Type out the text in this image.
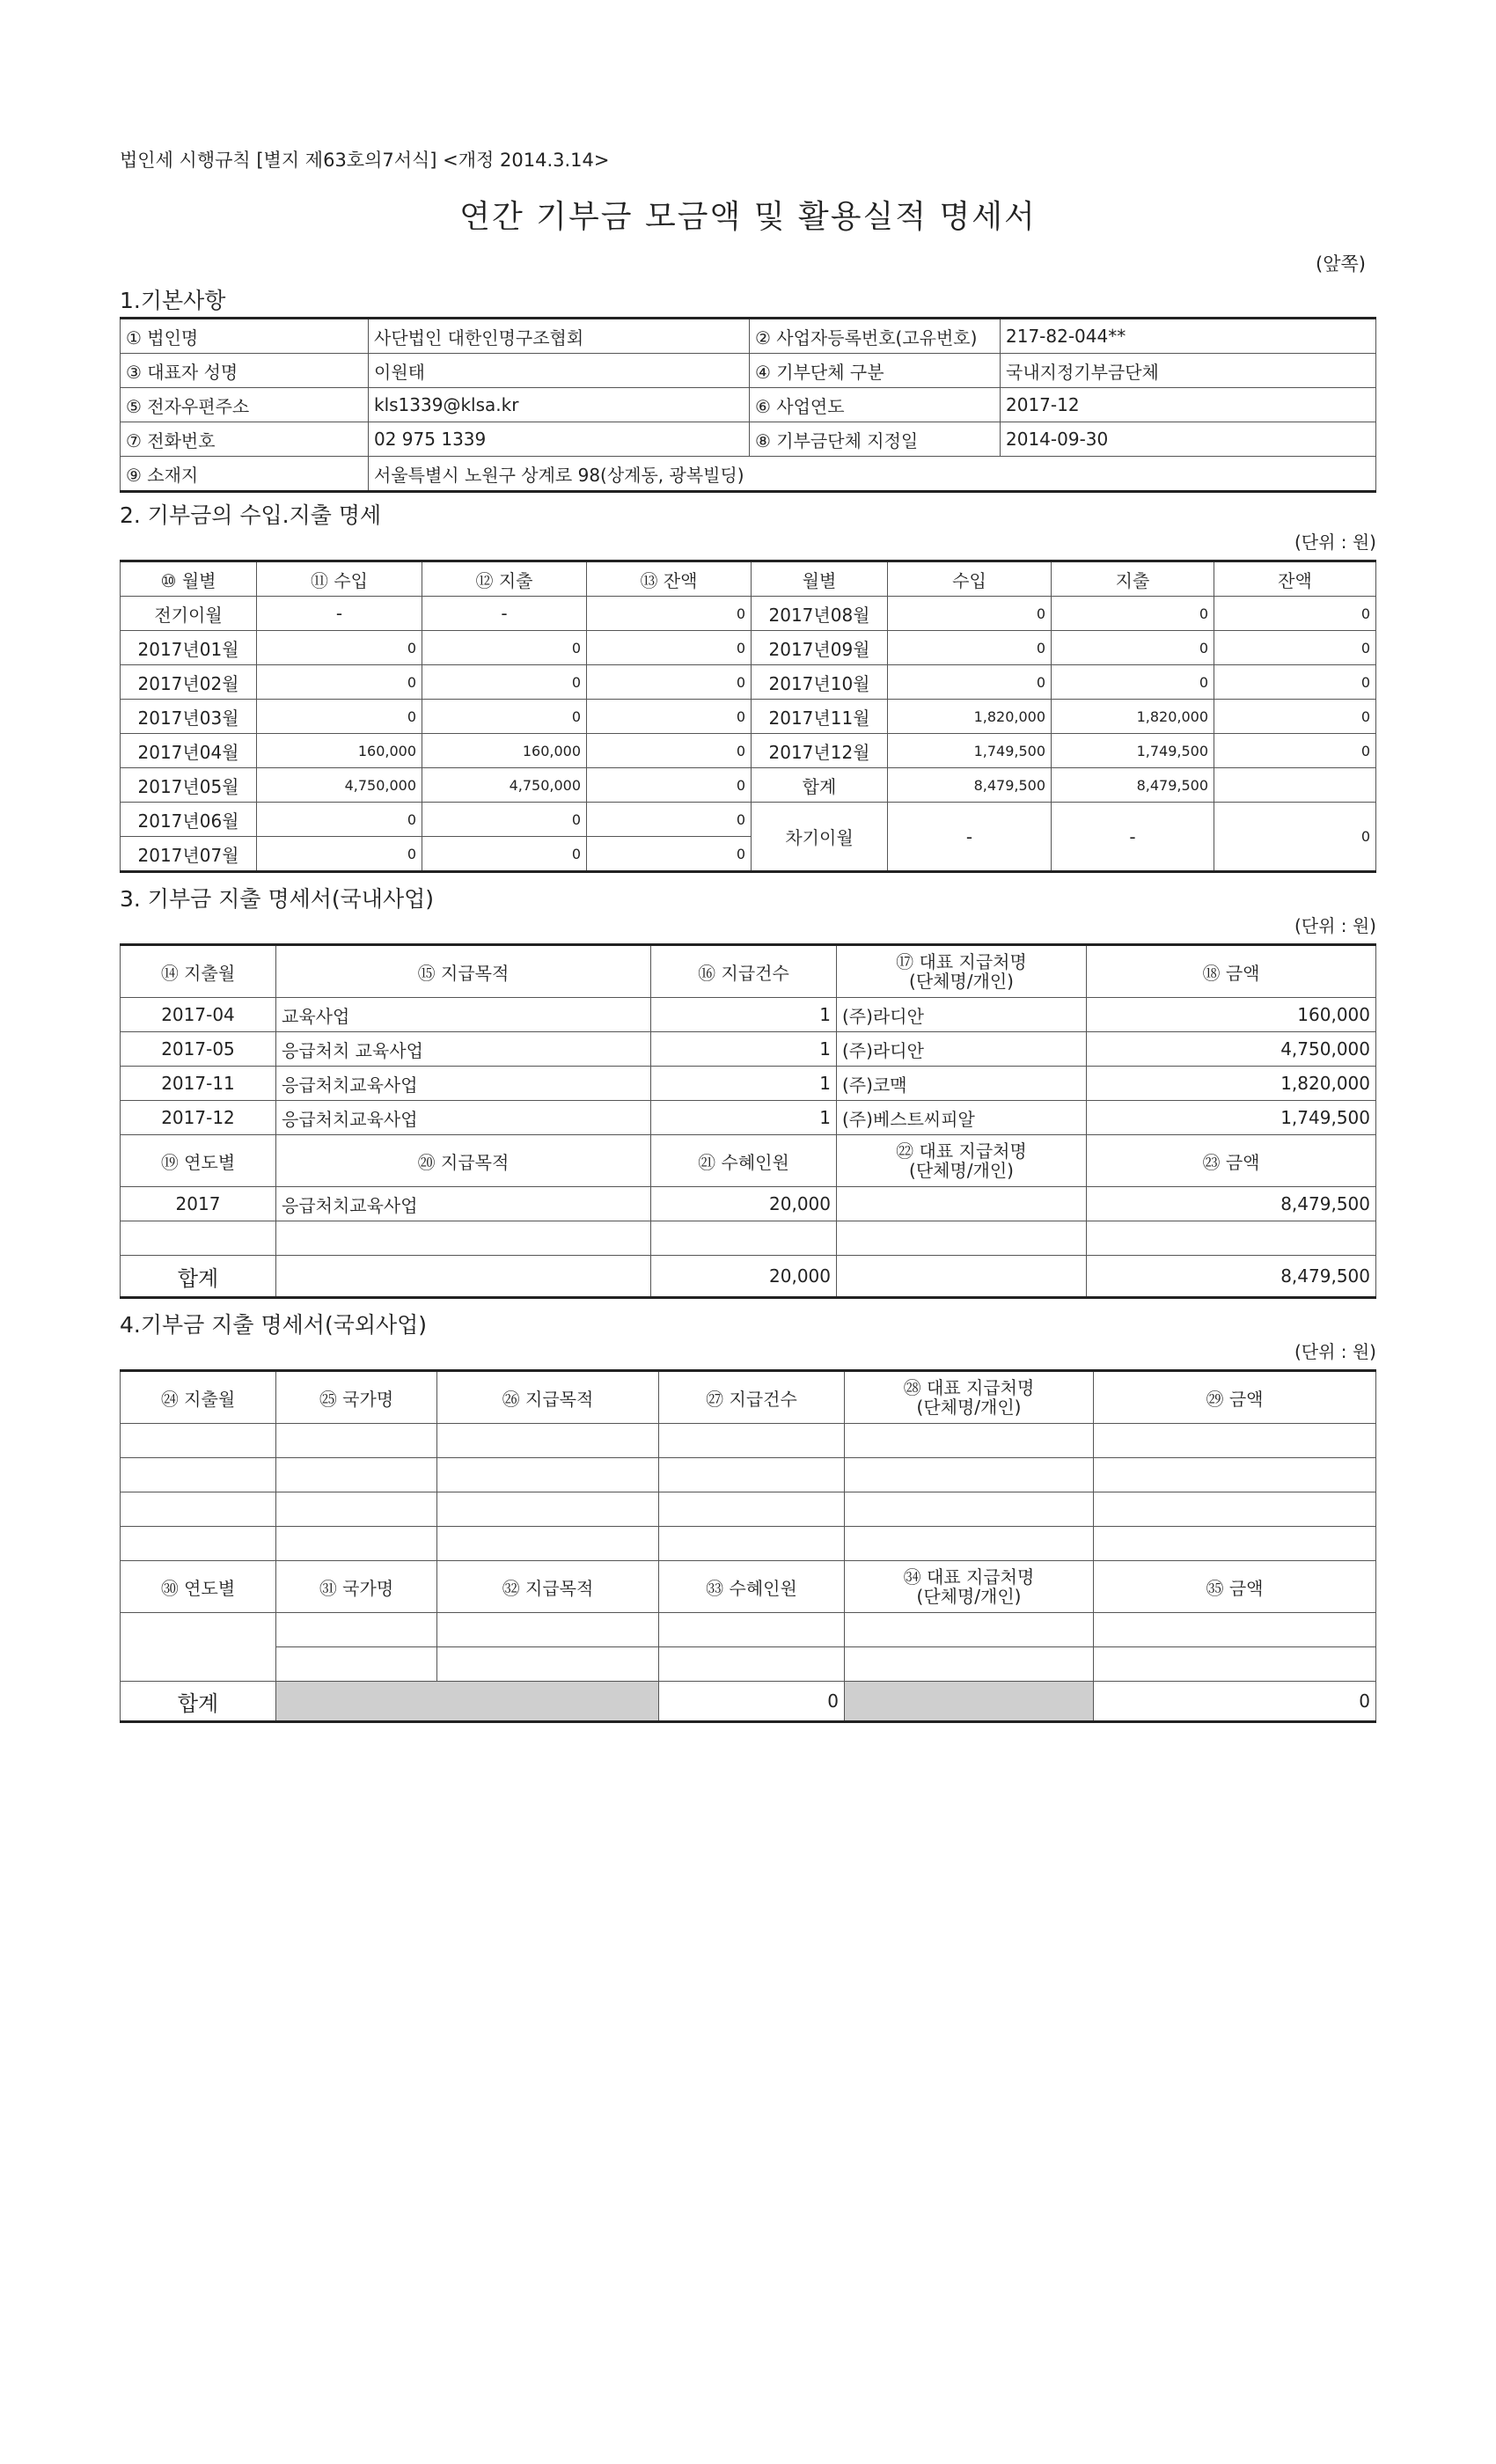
법인세 시행규칙 [별지 제63호의7서식] <개정 2014.3.14>
연간 기부금 모금액 및 활용실적 명세서
(앞쪽)
1.기본사항
① 법인명	사단법인 대한인명구조협회	② 사업자등록번호(고유번호)	217-82-044**
③ 대표자 성명	이원태	④ 기부단체 구분	국내지정기부금단체
⑤ 전자우편주소	kls1339@klsa.kr	⑥ 사업연도	2017-12
⑦ 전화번호	02 975 1339	⑧ 기부금단체 지정일	2014-09-30
⑨ 소재지	서울특별시 노원구 상계로 98(상계동, 광복빌딩)		
2. 기부금의 수입.지출 명세
(단위 : 원)
⑩ 월별	⑪ 수입	⑫ 지출	⑬ 잔액	월별	수입	지출	잔액
전기이월	-	-	0	2017년08월	0	0	0
2017년01월	0	0	0	2017년09월	0	0	0
2017년02월	0	0	0	2017년10월	0	0	0
2017년03월	0	0	0	2017년11월	1,820,000	1,820,000	0
2017년04월	160,000	160,000	0	2017년12월	1,749,500	1,749,500	0
2017년05월	4,750,000	4,750,000	0	합계	8,479,500	8,479,500	
2017년06월	0	0	0	차기이월	-	-	0
2017년07월	0	0	0				
3. 기부금 지출 명세서(국내사업)
(단위 : 원)
⑭ 지출월	⑮ 지급목적	⑯ 지급건수	⑰ 대표 지급처명
(단체명/개인)	⑱ 금액
2017-04	교육사업	1	(주)라디안	160,000
2017-05	응급처치 교육사업	1	(주)라디안	4,750,000
2017-11	응급처치교육사업	1	(주)코맥	1,820,000
2017-12	응급처치교육사업	1	(주)베스트씨피알	1,749,500
⑲ 연도별	⑳ 지급목적	㉑ 수혜인원	㉒ 대표 지급처명
(단체명/개인)	㉓ 금액
2017	응급처치교육사업	20,000		8,479,500

합계		20,000		8,479,500
4.기부금 지출 명세서(국외사업)
(단위 : 원)
㉔ 지출월	㉕ 국가명	㉖ 지급목적	㉗ 지급건수	㉘ 대표 지급처명
(단체명/개인)	㉙ 금액

㉚ 연도별	㉛ 국가명	㉜ 지급목적	㉝ 수혜인원	㉞ 대표 지급처명
(단체명/개인)	㉟ 금액

합계			0		0
